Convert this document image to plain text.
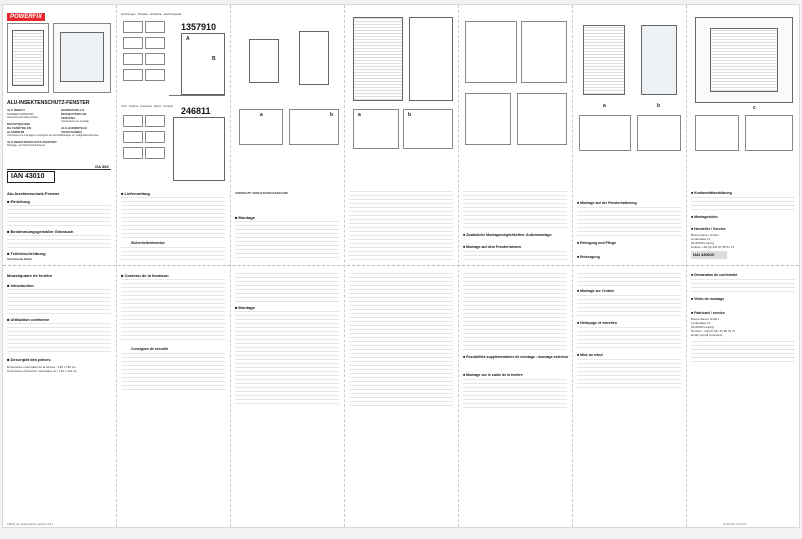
POWERFIX
ALU-INSEKTENSCHUTZ-FENSTER
ALU INSECT
SCREEN WINDOW
Assembly and safety advice
MOUSTIQUAIRE
DE FENÊTRE EN
ALUMINIUM
Instructions de montage et consignes de sécurité
ALU-INSEKTENSCHUTZ-FENSTER
Montage- und Sicherheitshinweise
HORRETROLLO
MOSQUITERO DE
VENTANA
Instrucciones de montaje
ALU-HORRETEAU
VOOR RAMEN
Montage- en veiligheidsinstructies
GA 364
IAN 43010
Zeichnungen · Template · Schablone · Zeichnungssatz
1357910
A
B
Umsl · Schema · Contenuto · Mount · Contents 246811	a	b	a	b
a	b	c
Alu-Insektenschutz-Fenster
■ Einleitung
■ Bestimmungsgemäßer Gebrauch
■ Teilebeschreibung
Technische Daten
■ Lieferumfang
Sicherheitshinweise
VORSICHT! VERLETZUNGSGEFAHR!
■ Montage
■ Zusätzliche Montagemöglichkeiten: Außenmontage
■ Montage auf dem Fensterrahmen
■ Montage auf der Fensterhalterung
■ Reinigung und Pflege
■ Entsorgung
■ Konformitätserklärung
■ Montagevideo
■ Hersteller / Service
Bremerhaven GmbH
Lindenallee 27
04-81502 Leipzig
Hotline: +49 (0) 341 97 95 61 73
IAN 430010
Moustiquaire de fenêtre
■ Introduction
■ Utilisation conforme
■ Descriptif des pièces
Dimensions maximales de la fenêtre : 130 x 150 cm
Dimensions d'insertion maximales du : 120 x 144 cm
■ Contenu de la livraison
Consignes de sécurité
■ Montage
■ Possibilités supplémentaires de montage : montage extérieur
■ Montage sur le cadre de la fenêtre
■ Montage sur l'entrée
■ Nettoyage et entretien
■ Mise au rebut
■ Déclaration de conformité
■ Vidéo de montage
■ Fabricant / service
Bremerhaven GmbH
Lindenallee 27
04-81502 Leipzig
Numéro: +49 (0) 341 97 95 61 73
Email: [email protected]
430010_Ins_insektenschutz_gb/fr/de.indd 1	26.03.2024 14:33 Uhr
